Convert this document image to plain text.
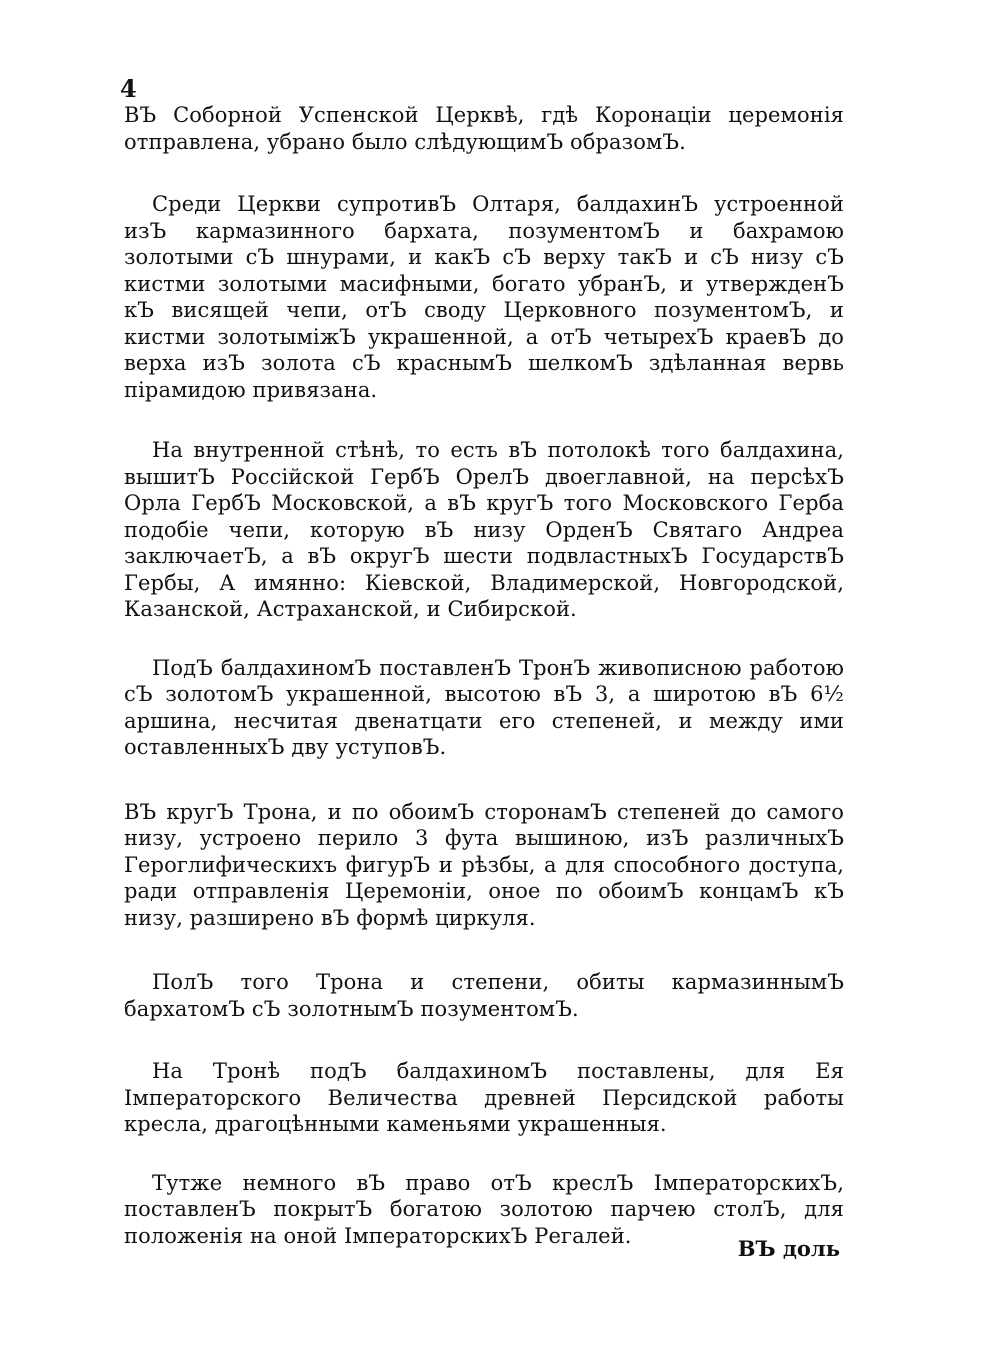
4

ВЪ Соборной Успенской Церквѣ, гдѣ Коронацiи церемонiя отправлена, убрано было слѣдующимЪ образомЪ.

Среди Церкви супротивЪ Олтаря, балдахинЪ устроенной изЪ кармазинного бархата, позументомЪ и бахрамою золотыми сЪ шнурами, и какЪ сЪ верху такЪ и сЪ низу сЪ кистми золотыми масифными, богато убранЪ, и утвержденЪ кЪ висящей чепи, отЪ своду Церковного позументомЪ, и кистми золотымiжЪ украшенной, а отЪ четырехЪ краевЪ до верха изЪ золота сЪ краснымЪ шелкомЪ здѣланная вервь пiрамидою привязана.

На внутренной стѣнѣ, то есть вЪ потолокѣ того балдахина, вышитЪ Россiйской ГербЪ ОрелЪ двоеглавной, на персѣхЪ Орла ГербЪ Московской, а вЪ кругЪ того Московского Герба подобiе чепи, которую вЪ низу ОрденЪ Святаго Андреа заключаетЪ, а вЪ округЪ шести подвластныхЪ ГосударствЪ Гербы, А имянно: Кiевской, Владимерской, Новгородской, Казанской, Астраханской, и Сибирской.

ПодЪ балдахиномЪ поставленЪ ТронЪ живописною работою сЪ золотомЪ украшенной, высотою вЪ 3, а широтою вЪ 6½ аршина, несчитая двенатцати его степеней, и между ими оставленныхЪ дву уступовЪ.

ВЪ кругЪ Трона, и по обоимЪ сторонамЪ степеней до самого низу, устроено перило 3 фута вышиною, изЪ различныхЪ Героглифическихъ фигурЪ и рѣзбы, а для способного доступа, ради отправленiя Церемонiи, оное по обоимЪ концамЪ кЪ низу, разширено вЪ формѣ циркуля.

ПолЪ того Трона и степени, обиты кармазиннымЪ бархатомЪ сЪ золотнымЪ позументомЪ.

На Тронѣ подЪ балдахиномЪ поставлены, для Ея Iмператорского Величества древней Персидской работы кресла, драгоцѣнными каменьями украшенныя.

Тутже немного вЪ право отЪ креслЪ IмператорскихЪ, поставленЪ покрытЪ богатою золотою парчею столЪ, для положенiя на оной IмператорскихЪ Регалей.

ВЪ доль
